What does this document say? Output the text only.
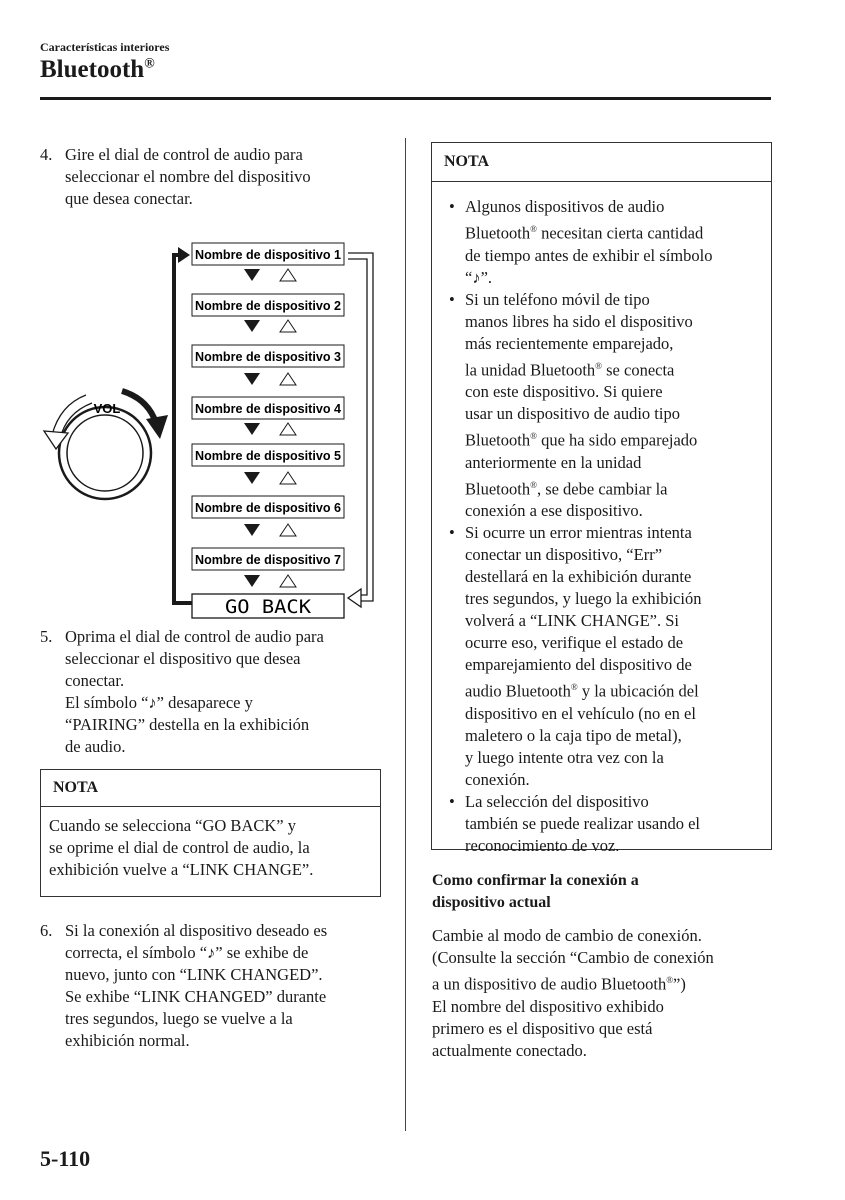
Características interiores
Bluetooth®
4. Gire el dial de control de audio para
seleccionar el nombre del dispositivo
que desea conectar.
VOL
Nombre de dispositivo 1
Nombre de dispositivo 2
Nombre de dispositivo 3
Nombre de dispositivo 4
Nombre de dispositivo 5
Nombre de dispositivo 6
Nombre de dispositivo 7
GO BACK
5. Oprima el dial de control de audio para
seleccionar el dispositivo que desea
conectar.
El símbolo “♪” desaparece y
“PAIRING” destella en la exhibición
de audio.
NOTA
Cuando se selecciona “GO BACK” y
se oprime el dial de control de audio, la
exhibición vuelve a “LINK CHANGE”.
6. Si la conexión al dispositivo deseado es
correcta, el símbolo “♪” se exhibe de
nuevo, junto con “LINK CHANGED”.
Se exhibe “LINK CHANGED” durante
tres segundos, luego se vuelve a la
exhibición normal.
NOTA
• Algunos dispositivos de audio
Bluetooth® necesitan cierta cantidad
de tiempo antes de exhibir el símbolo
“♪”.
• Si un teléfono móvil de tipo
manos libres ha sido el dispositivo
más recientemente emparejado,
la unidad Bluetooth® se conecta
con este dispositivo. Si quiere
usar un dispositivo de audio tipo
Bluetooth® que ha sido emparejado
anteriormente en la unidad
Bluetooth®, se debe cambiar la
conexión a ese dispositivo.
• Si ocurre un error mientras intenta
conectar un dispositivo, “Err”
destellará en la exhibición durante
tres segundos, y luego la exhibición
volverá a “LINK CHANGE”. Si
ocurre eso, verifique el estado de
emparejamiento del dispositivo de
audio Bluetooth® y la ubicación del
dispositivo en el vehículo (no en el
maletero o la caja tipo de metal),
y luego intente otra vez con la
conexión.
• La selección del dispositivo
también se puede realizar usando el
reconocimiento de voz.
Como confirmar la conexión a
dispositivo actual
Cambie al modo de cambio de conexión.
(Consulte la sección “Cambio de conexión
a un dispositivo de audio Bluetooth®”)
El nombre del dispositivo exhibido
primero es el dispositivo que está
actualmente conectado.
5-110
